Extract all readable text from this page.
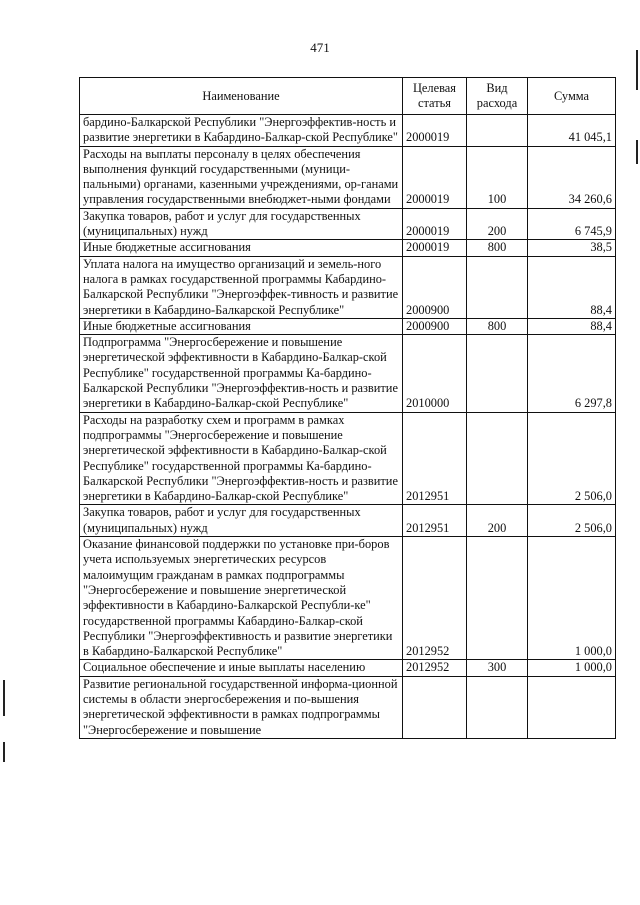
471
Наименование	Целевая статья	Вид расхода	Сумма
бардино-Балкарской Республики "Энергоэффектив-ность и развитие энергетики в Кабардино-Балкар-ской Республике"	2000019		41 045,1
Расходы на выплаты персоналу в целях обеспечения выполнения функций государственными (муници-пальными) органами, казенными учреждениями, ор-ганами управления государственными внебюджет-ными фондами	2000019	100	34 260,6
Закупка товаров, работ и услуг для государственных (муниципальных) нужд	2000019	200	6 745,9
Иные бюджетные ассигнования	2000019	800	38,5
Уплата налога на имущество организаций и земель-ного налога в рамках государственной программы Кабардино-Балкарской Республики "Энергоэффек-тивность и развитие энергетики в Кабардино-Балкарской Республике"	2000900		88,4
Иные бюджетные ассигнования	2000900	800	88,4
Подпрограмма "Энергосбережение и повышение энергетической эффективности в Кабардино-Балкар-ской Республике" государственной программы Ка-бардино-Балкарской Республики "Энергоэффектив-ность и развитие энергетики в Кабардино-Балкар-ской Республике"	2010000		6 297,8
Расходы на разработку схем и программ в рамках подпрограммы "Энергосбережение и повышение энергетической эффективности в Кабардино-Балкар-ской Республике" государственной программы Ка-бардино-Балкарской Республики "Энергоэффектив-ность и развитие энергетики в Кабардино-Балкар-ской Республике"	2012951		2 506,0
Закупка товаров, работ и услуг для государственных (муниципальных) нужд	2012951	200	2 506,0
Оказание финансовой поддержки по установке при-боров учета используемых энергетических ресурсов малоимущим гражданам в рамках подпрограммы "Энергосбережение и повышение энергетической эффективности в Кабардино-Балкарской Республи-ке" государственной программы Кабардино-Балкар-ской Республики "Энергоэффективность и развитие энергетики в Кабардино-Балкарской Республике"	2012952		1 000,0
Социальное обеспечение и иные выплаты населению	2012952	300	1 000,0
Развитие региональной государственной информа-ционной системы в области энергосбережения и по-вышения энергетической эффективности в рамках подпрограммы "Энергосбережение и повышение			
